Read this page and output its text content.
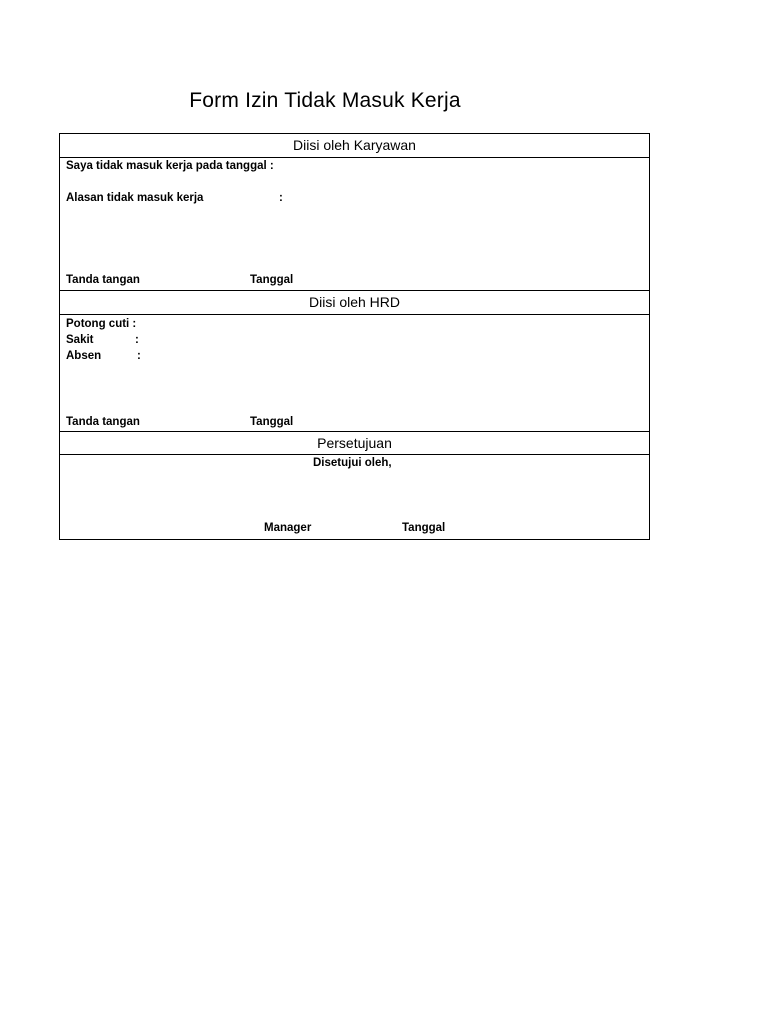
Form Izin Tidak Masuk Kerja
Diisi oleh Karyawan
Saya tidak masuk kerja pada tanggal :
Alasan tidak masuk kerja	:
Tanda tangan	Tanggal
Diisi oleh HRD
Potong cuti :
Sakit	:
Absen	:
Tanda tangan	Tanggal
Persetujuan
Disetujui oleh,
Manager	Tanggal
